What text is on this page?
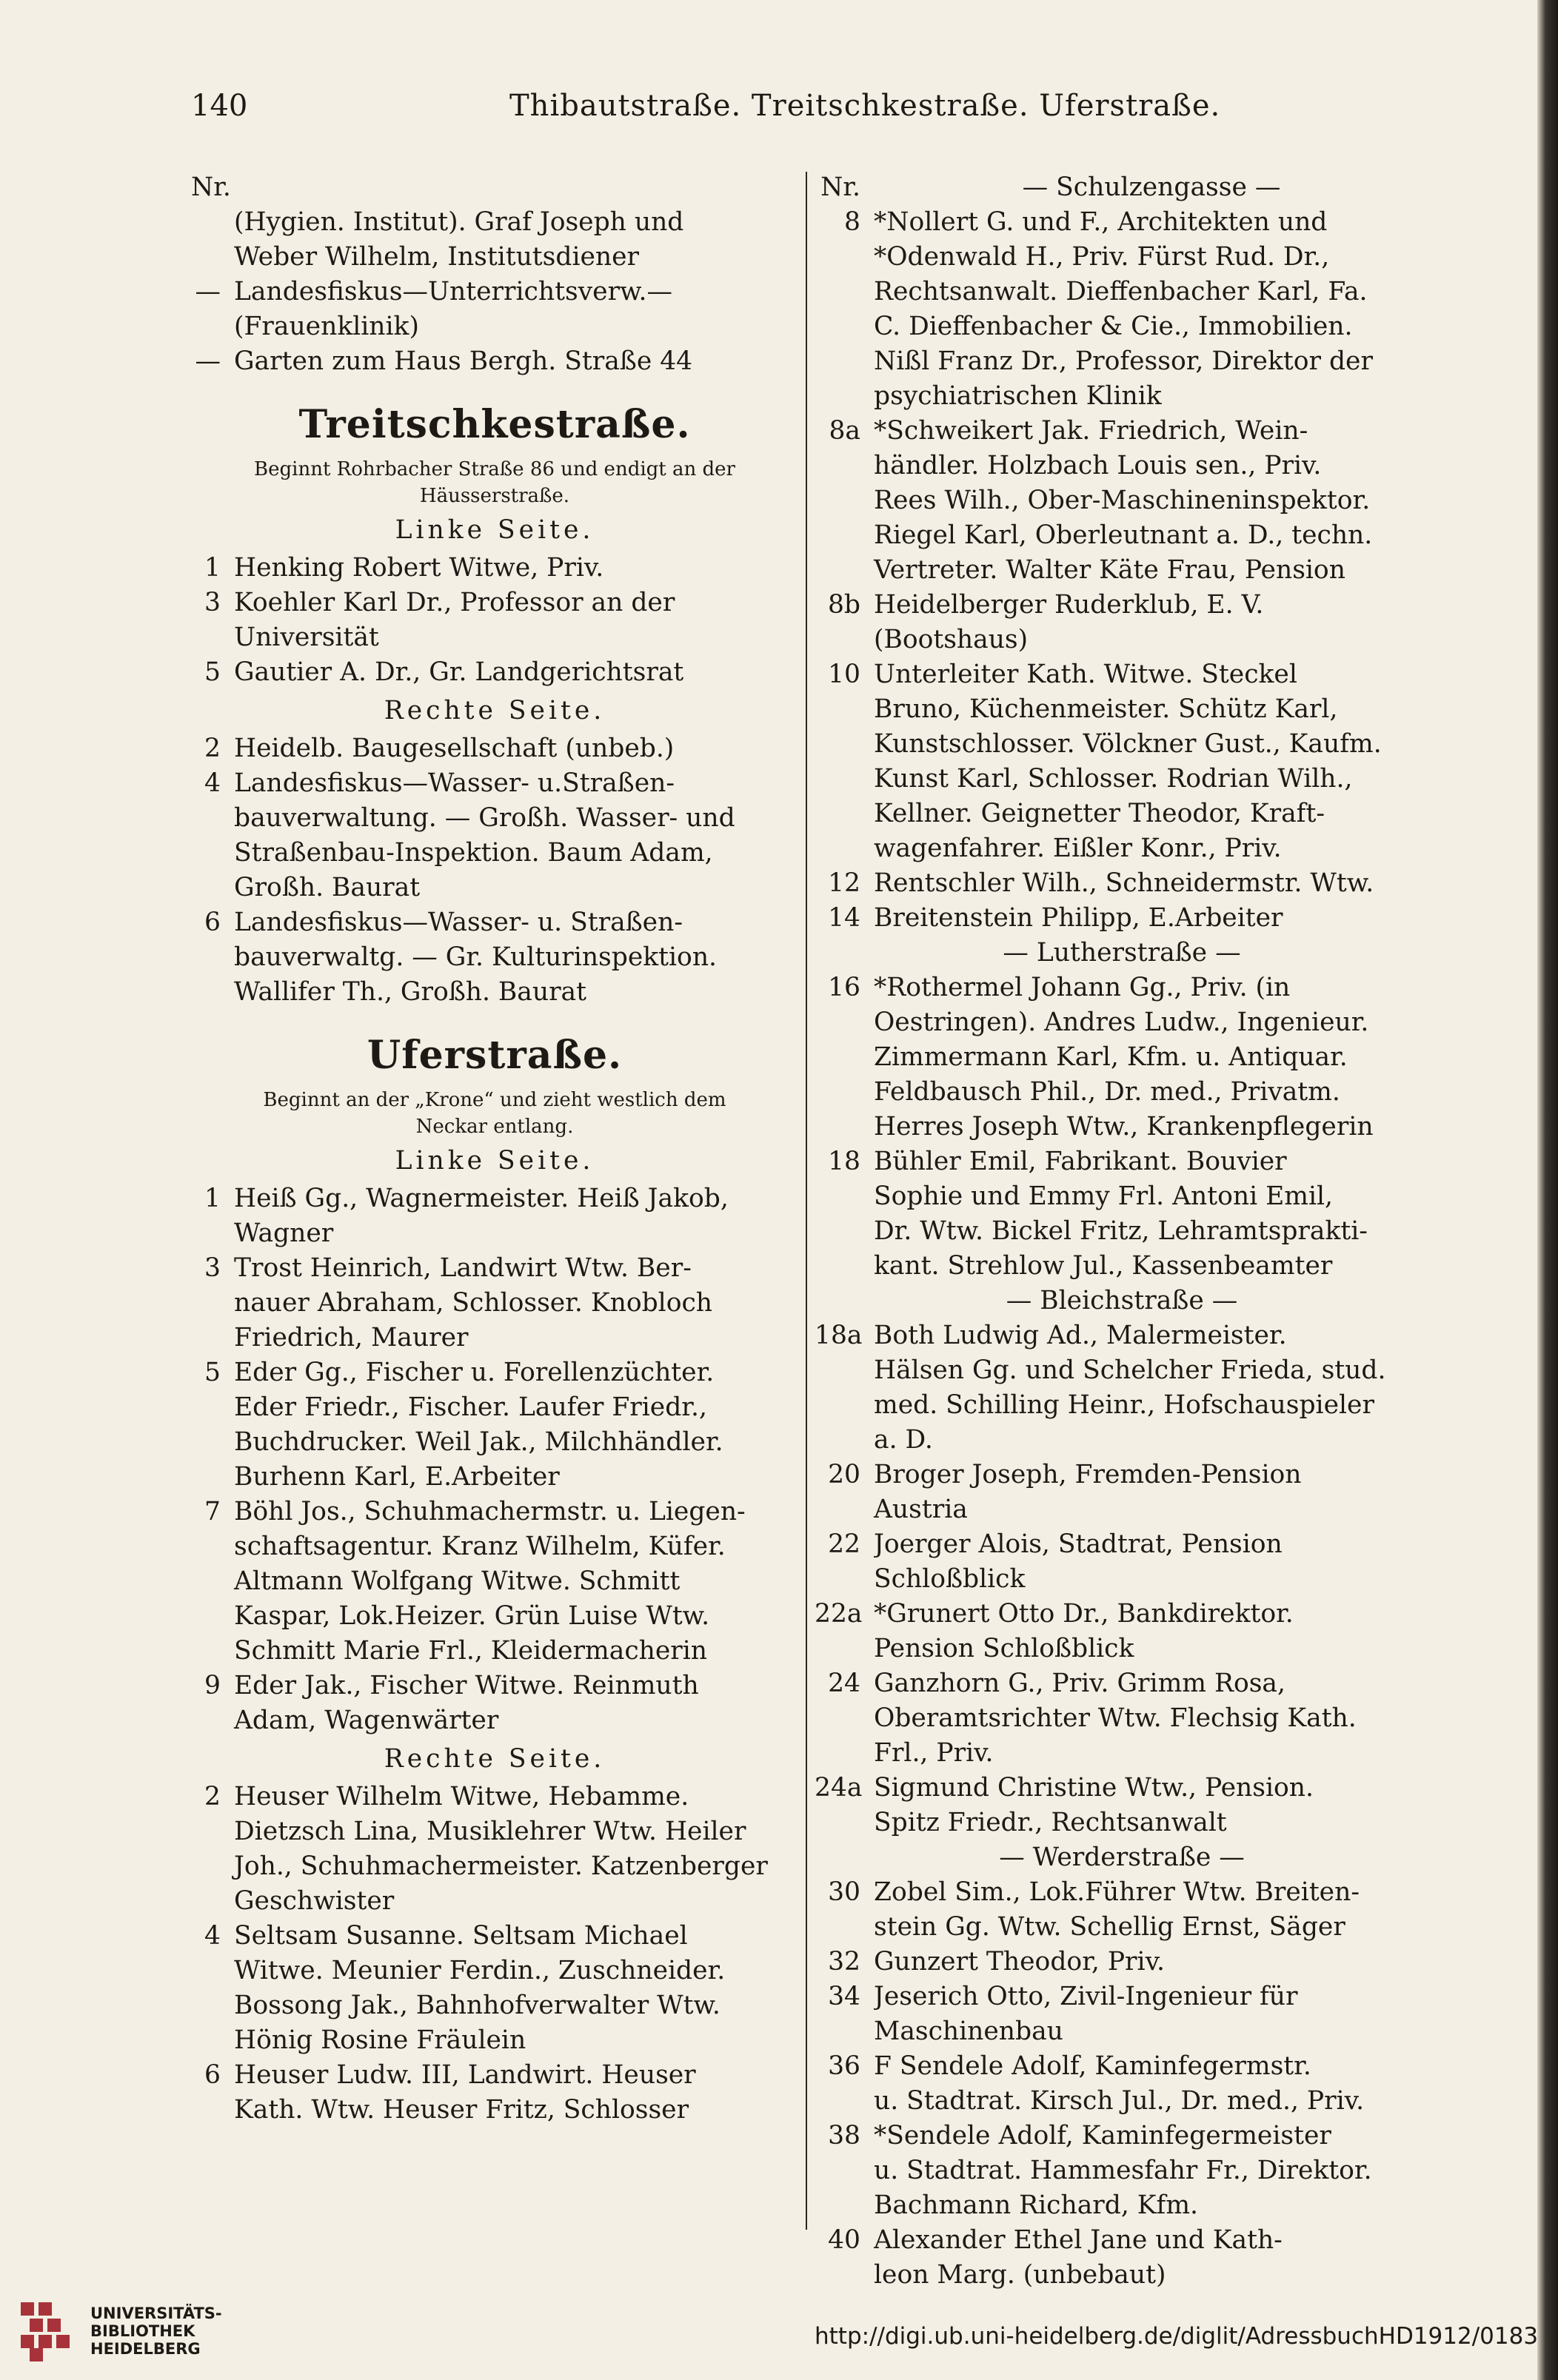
140	Thibautstraße. Treitschkestraße. Uferstraße.
Nr.
(Hygien. Institut). Graf Joseph und
Weber Wilhelm, Institutsdiener
— Landesfiskus—Unterrichtsverw.—
(Frauenklinik)
— Garten zum Haus Bergh. Straße 44
Treitschkestraße.
Beginnt Rohrbacher Straße 86 und endigt an der
Häusserstraße.
Linke Seite.
1 Henking Robert Witwe, Priv.
3 Koehler Karl Dr., Professor an der
Universität
5 Gautier A. Dr., Gr. Landgerichtsrat
Rechte Seite.
2 Heidelb. Baugesellschaft (unbeb.)
4 Landesfiskus—Wasser- u.Straßen-
bauverwaltung. — Großh. Wasser- und
Straßenbau-Inspektion. Baum Adam,
Großh. Baurat
6 Landesfiskus—Wasser- u. Straßen-
bauverwaltg. — Gr. Kulturinspektion.
Wallifer Th., Großh. Baurat
Uferstraße.
Beginnt an der „Krone“ und zieht westlich dem
Neckar entlang.
Linke Seite.
1 Heiß Gg., Wagnermeister. Heiß Jakob,
Wagner
3 Trost Heinrich, Landwirt Wtw. Ber-
nauer Abraham, Schlosser. Knobloch
Friedrich, Maurer
5 Eder Gg., Fischer u. Forellenzüchter.
Eder Friedr., Fischer. Laufer Friedr.,
Buchdrucker. Weil Jak., Milchhändler.
Burhenn Karl, E.Arbeiter
7 Böhl Jos., Schuhmachermstr. u. Liegen-
schaftsagentur. Kranz Wilhelm, Küfer.
Altmann Wolfgang Witwe. Schmitt
Kaspar, Lok.Heizer. Grün Luise Wtw.
Schmitt Marie Frl., Kleidermacherin
9 Eder Jak., Fischer Witwe. Reinmuth
Adam, Wagenwärter
Rechte Seite.
2 Heuser Wilhelm Witwe, Hebamme.
Dietzsch Lina, Musiklehrer Wtw. Heiler
Joh., Schuhmachermeister. Katzenberger
Geschwister
4 Seltsam Susanne. Seltsam Michael
Witwe. Meunier Ferdin., Zuschneider.
Bossong Jak., Bahnhofverwalter Wtw.
Hönig Rosine Fräulein
6 Heuser Ludw. III, Landwirt. Heuser
Kath. Wtw. Heuser Fritz, Schlosser
Nr.	— Schulzengasse —
8 *Nollert G. und F., Architekten und
*Odenwald H., Priv. Fürst Rud. Dr.,
Rechtsanwalt. Dieffenbacher Karl, Fa.
C. Dieffenbacher & Cie., Immobilien.
Nißl Franz Dr., Professor, Direktor der
psychiatrischen Klinik
8a *Schweikert Jak. Friedrich, Wein-
händler. Holzbach Louis sen., Priv.
Rees Wilh., Ober-Maschineninspektor.
Riegel Karl, Oberleutnant a. D., techn.
Vertreter. Walter Käte Frau, Pension
8b Heidelberger Ruderklub, E. V.
(Bootshaus)
10 Unterleiter Kath. Witwe. Steckel
Bruno, Küchenmeister. Schütz Karl,
Kunstschlosser. Völckner Gust., Kaufm.
Kunst Karl, Schlosser. Rodrian Wilh.,
Kellner. Geignetter Theodor, Kraft-
wagenfahrer. Eißler Konr., Priv.
12 Rentschler Wilh., Schneidermstr. Wtw.
14 Breitenstein Philipp, E.Arbeiter
— Lutherstraße —
16 *Rothermel Johann Gg., Priv. (in
Oestringen). Andres Ludw., Ingenieur.
Zimmermann Karl, Kfm. u. Antiquar.
Feldbausch Phil., Dr. med., Privatm.
Herres Joseph Wtw., Krankenpflegerin
18 Bühler Emil, Fabrikant. Bouvier
Sophie und Emmy Frl. Antoni Emil,
Dr. Wtw. Bickel Fritz, Lehramtsprakti-
kant. Strehlow Jul., Kassenbeamter
— Bleichstraße —
18a Both Ludwig Ad., Malermeister.
Hälsen Gg. und Schelcher Frieda, stud.
med. Schilling Heinr., Hofschauspieler
a. D.
20 Broger Joseph, Fremden-Pension
Austria
22 Joerger Alois, Stadtrat, Pension
Schloßblick
22a *Grunert Otto Dr., Bankdirektor.
Pension Schloßblick
24 Ganzhorn G., Priv. Grimm Rosa,
Oberamtsrichter Wtw. Flechsig Kath.
Frl., Priv.
24a Sigmund Christine Wtw., Pension.
Spitz Friedr., Rechtsanwalt
— Werderstraße —
30 Zobel Sim., Lok.Führer Wtw. Breiten-
stein Gg. Wtw. Schellig Ernst, Säger
32 Gunzert Theodor, Priv.
34 Jeserich Otto, Zivil-Ingenieur für
Maschinenbau
36 F Sendele Adolf, Kaminfegermstr.
u. Stadtrat. Kirsch Jul., Dr. med., Priv.
38 *Sendele Adolf, Kaminfegermeister
u. Stadtrat. Hammesfahr Fr., Direktor.
Bachmann Richard, Kfm.
40 Alexander Ethel Jane und Kath-
leon Marg. (unbebaut)
UNIVERSITÄTS-
BIBLIOTHEK
HEIDELBERG	http://digi.ub.uni-heidelberg.de/diglit/AdressbuchHD1912/0183
